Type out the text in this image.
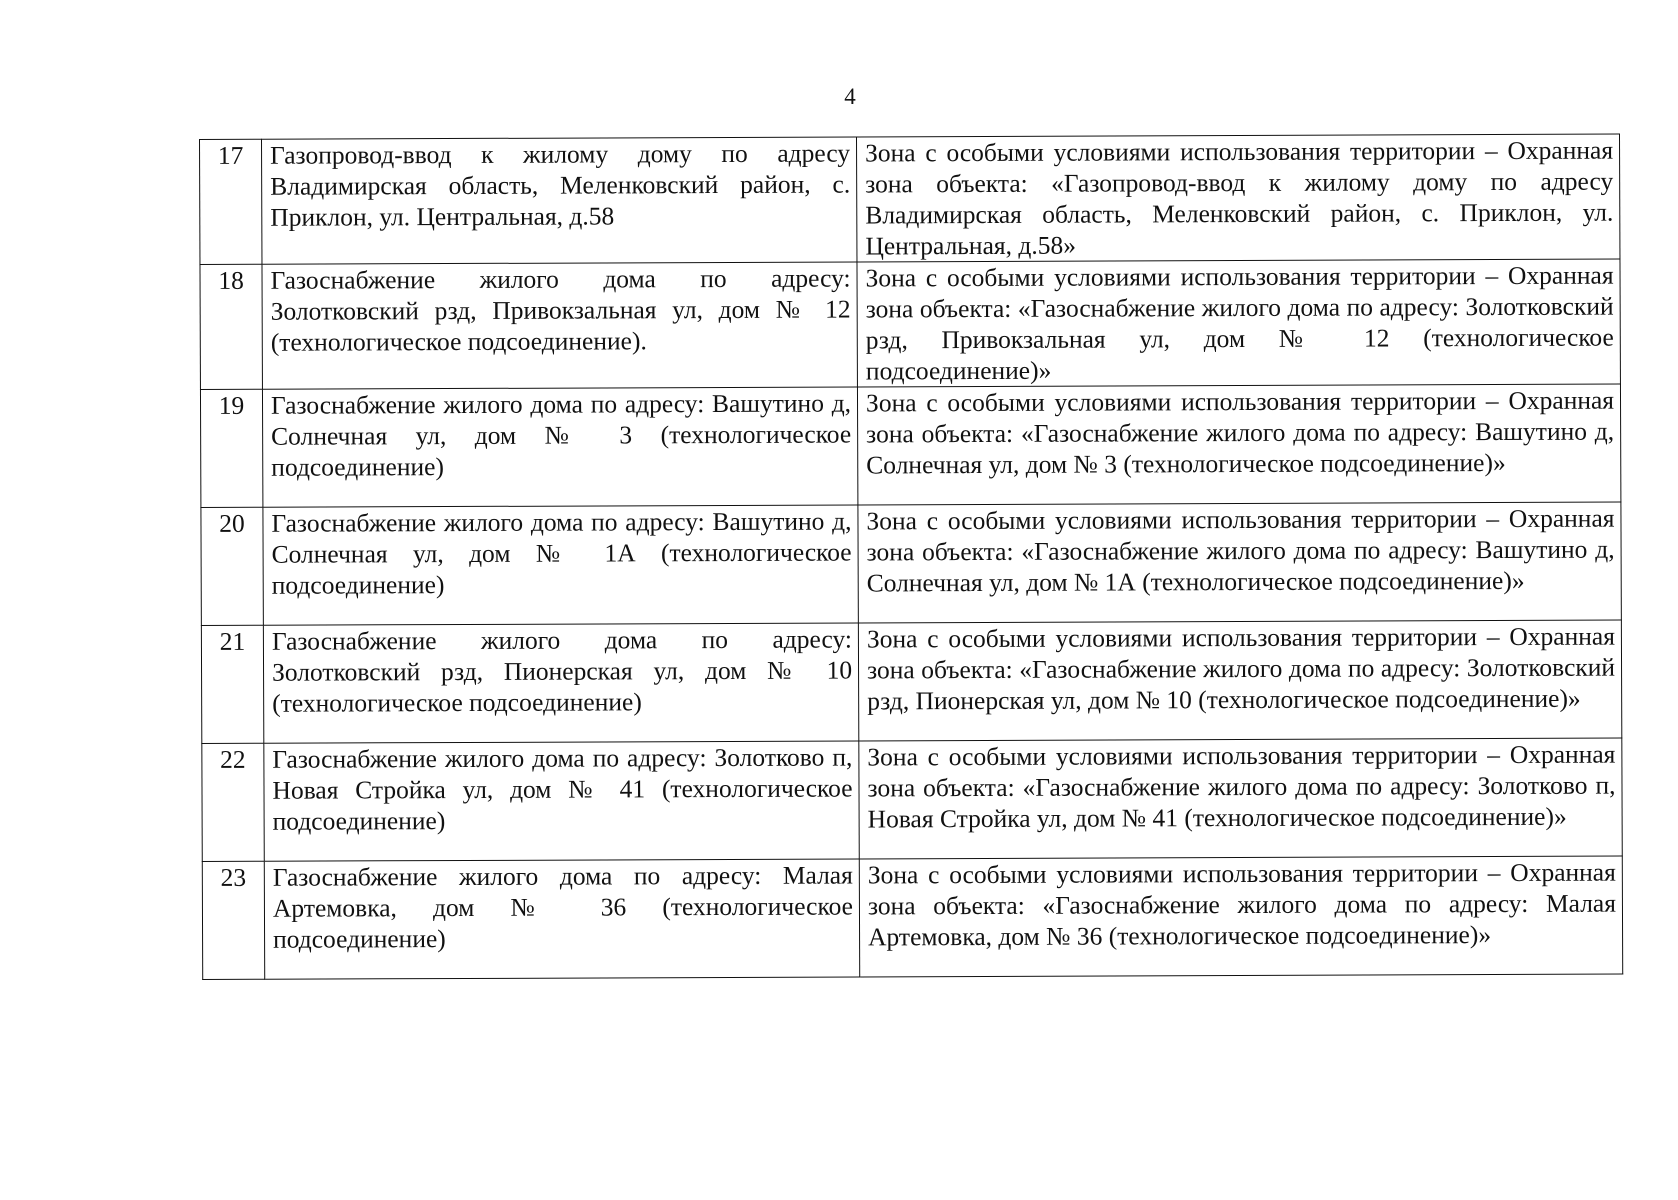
4
17	Газопровод-ввод к жилому дому по адресу Владимирская область, Меленковский район, с. Приклон, ул. Центральная, д.58	Зона с особыми условиями использования территории – Охранная зона объекта: «Газопровод-ввод к жилому дому по адресу Владимирская область, Меленковский район, с. Приклон, ул. Центральная, д.58»
18	Газоснабжение жилого дома по адресу: Золотковский рзд, Привокзальная ул, дом № 12 (технологическое подсоединение).	Зона с особыми условиями использования территории – Охранная зона объекта: «Газоснабжение жилого дома по адресу: Золотковский рзд, Привокзальная ул, дом № 12 (технологическое подсоединение)»
19	Газоснабжение жилого дома по адресу: Вашутино д, Солнечная ул, дом № 3 (технологическое подсоединение)	Зона с особыми условиями использования территории – Охранная зона объекта: «Газоснабжение жилого дома по адресу: Вашутино д, Солнечная ул, дом № 3 (технологическое подсоединение)»
20	Газоснабжение жилого дома по адресу: Вашутино д, Солнечная ул, дом № 1А (технологическое подсоединение)	Зона с особыми условиями использования территории – Охранная зона объекта: «Газоснабжение жилого дома по адресу: Вашутино д, Солнечная ул, дом № 1А (технологическое подсоединение)»
21	Газоснабжение жилого дома по адресу: Золотковский рзд, Пионерская ул, дом № 10 (технологическое подсоединение)	Зона с особыми условиями использования территории – Охранная зона объекта: «Газоснабжение жилого дома по адресу: Золотковский рзд, Пионерская ул, дом № 10 (технологическое подсоединение)»
22	Газоснабжение жилого дома по адресу: Золотково п, Новая Стройка ул, дом № 41 (технологическое подсоединение)	Зона с особыми условиями использования территории – Охранная зона объекта: «Газоснабжение жилого дома по адресу: Золотково п, Новая Стройка ул, дом № 41 (технологическое подсоединение)»
23	Газоснабжение жилого дома по адресу: Малая Артемовка, дом № 36 (технологическое подсоединение)	Зона с особыми условиями использования территории – Охранная зона объекта: «Газоснабжение жилого дома по адресу: Малая Артемовка, дом № 36 (технологическое подсоединение)»
